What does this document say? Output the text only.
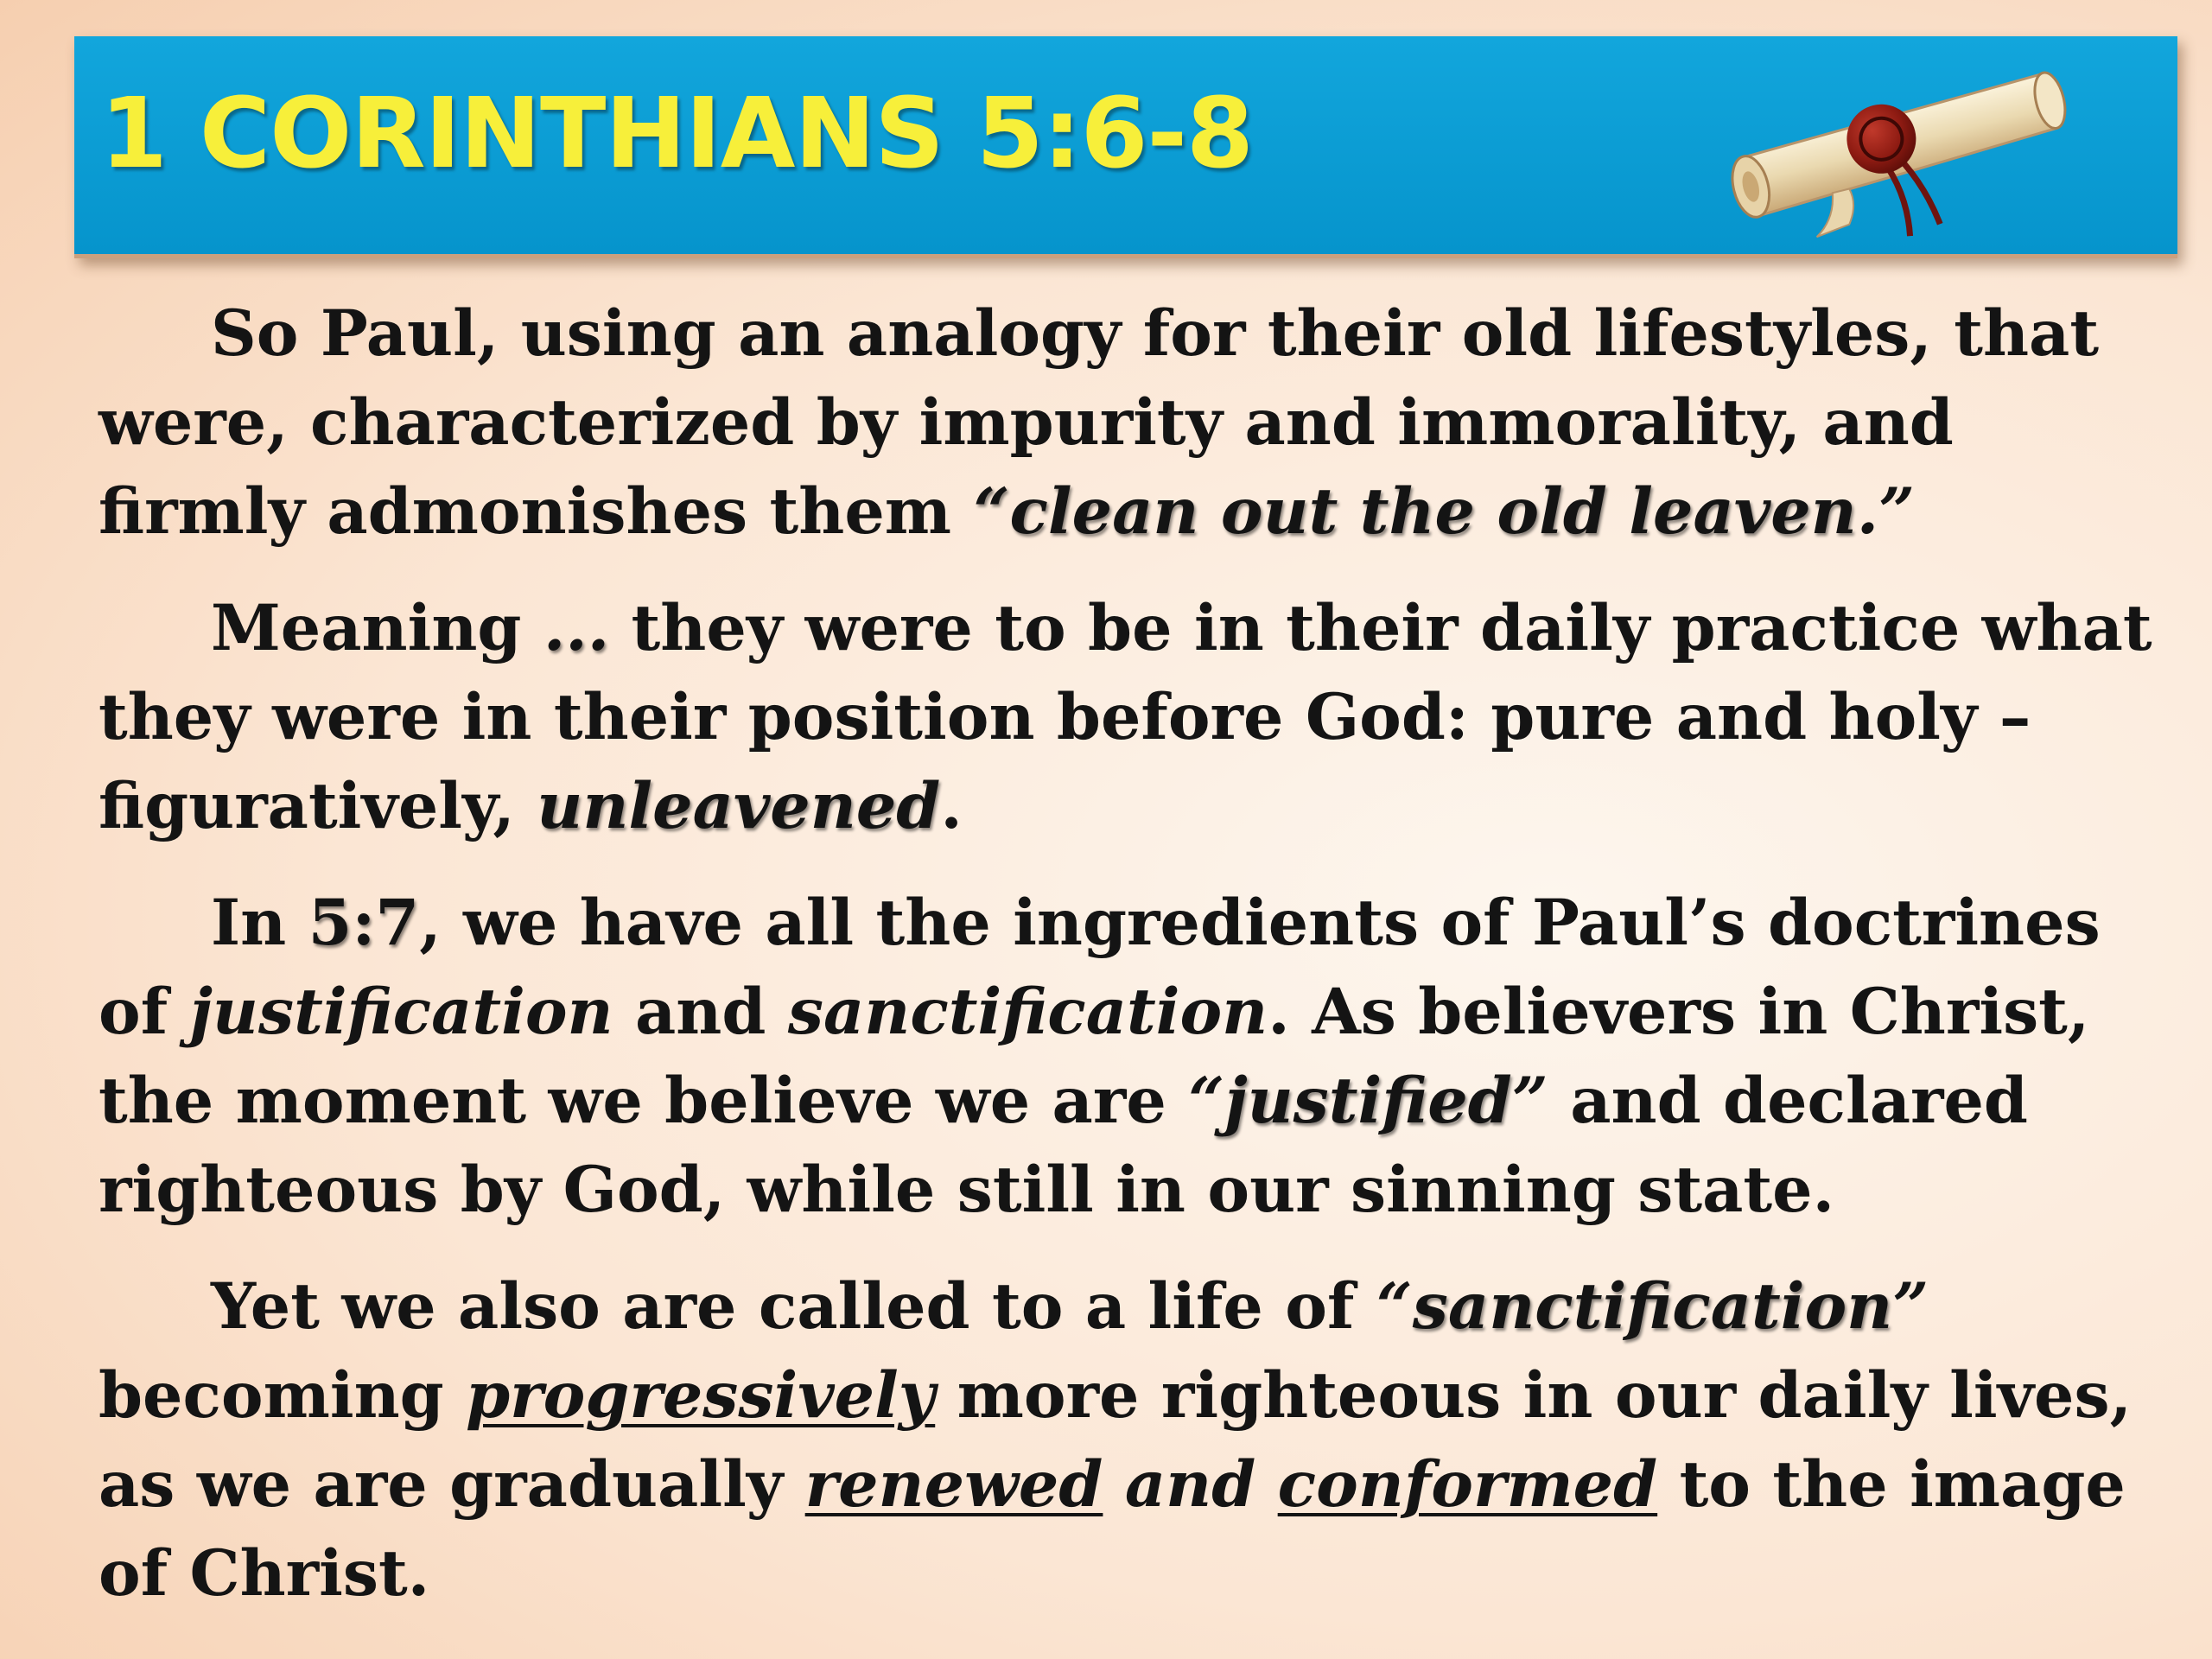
1 CORINTHIANS 5:6-8

So Paul, using an analogy for their old lifestyles, that were, characterized by impurity and immorality, and firmly admonishes them “clean out the old leaven.”

Meaning ... they were to be in their daily practice what they were in their position before God: pure and holy – figuratively, unleavened.

In 5:7, we have all the ingredients of Paul’s doctrines of justification and sanctification. As believers in Christ, the moment we believe we are “justified” and declared righteous by God, while still in our sinning state.

Yet we also are called to a life of “sanctification” becoming progressively more righteous in our daily lives, as we are gradually renewed and conformed to the image of Christ.
